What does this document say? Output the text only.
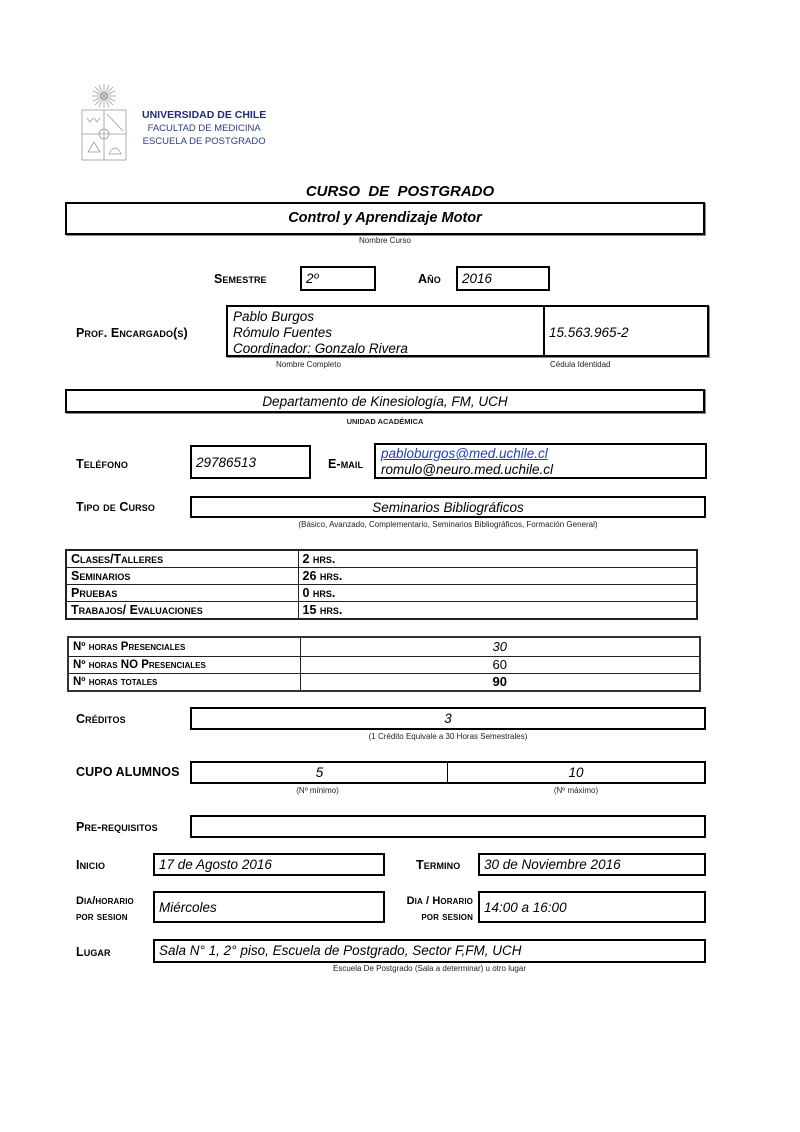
UNIVERSIDAD DE CHILE
FACULTAD DE MEDICINA
ESCUELA DE POSTGRADO
CURSO  DE  POSTGRADO
Control y Aprendizaje Motor
Nombre Curso
Semestre	2º	Año 2016
Prof. Encargado(s)
Pablo Burgos
Rómulo Fuentes
Coordinador: Gonzalo Rivera
15.563.965-2
Nombre Completo	Cédula Identidad
Departamento de Kinesiología, FM, UCH
UNIDAD ACADÉMICA
Teléfono	29786513	E-mail
pabloburgos@med.uchile.cl
romulo@neuro.med.uchile.cl
Tipo de Curso	Seminarios Bibliográficos
(Básico, Avanzado, Complementario, Seminarios Bibliográficos, Formación General)
Clases/Talleres	2 hrs.
Seminarios	26 hrs.
Pruebas	0 hrs.
Trabajos/ Evaluaciones	15 hrs.
Nº horas Presenciales	30
Nº horas NO Presenciales	60
Nº horas totales	90
Créditos	3
(1 Crédito Equivale a 30 Horas Semestrales)
CUPO ALUMNOS	5	10
(Nº mínimo)	(Nº máximo)
Pre-requisitos
Inicio	17 de Agosto 2016	Termino 30 de Noviembre 2016
Dia/horario
por sesion
Miércoles	Dia / Horario
por sesion
14:00 a 16:00
Lugar	Sala N° 1, 2° piso, Escuela de Postgrado, Sector F,FM, UCH
Escuela De Postgrado (Sala a determinar) u otro lugar
